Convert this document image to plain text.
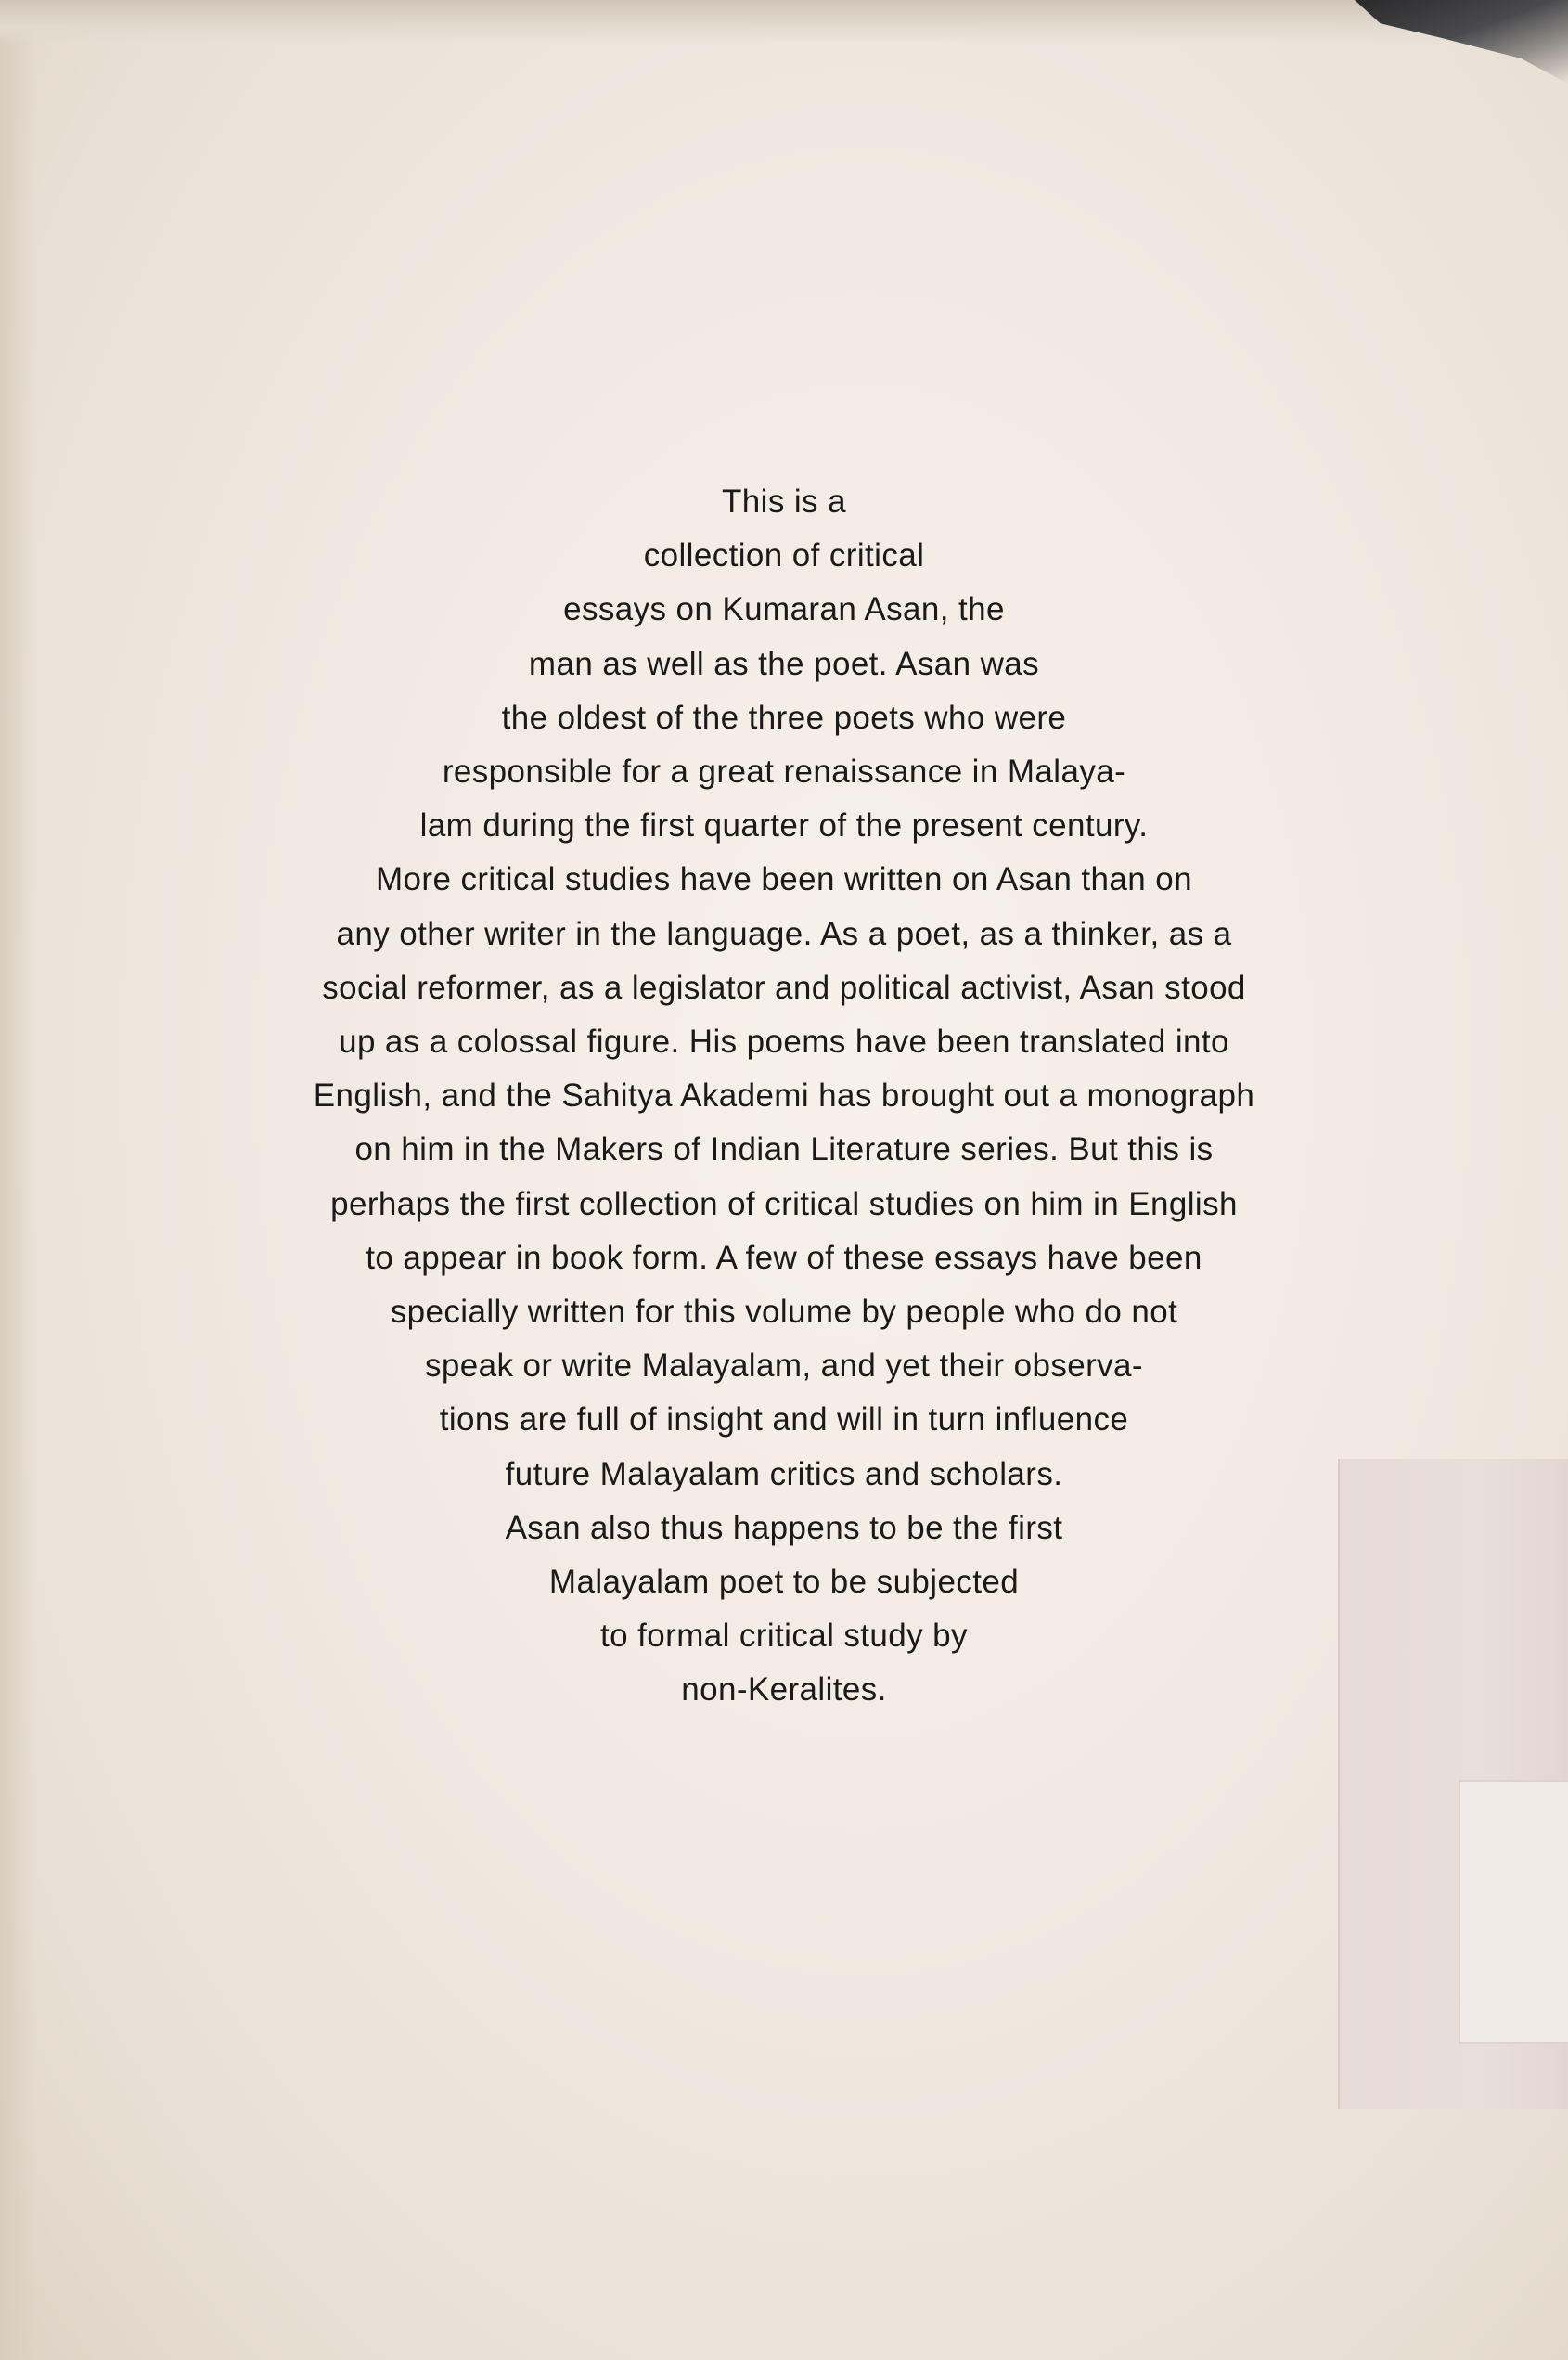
This is a
collection of critical
essays on Kumaran Asan, the
man as well as the poet. Asan was
the oldest of the three poets who were
responsible for a great renaissance in Malaya-
lam during the first quarter of the present century.
More critical studies have been written on Asan than on
any other writer in the language. As a poet, as a thinker, as a
social reformer, as a legislator and political activist, Asan stood
up as a colossal figure. His poems have been translated into
English, and the Sahitya Akademi has brought out a monograph
on him in the Makers of Indian Literature series. But this is
perhaps the first collection of critical studies on him in English
to appear in book form. A few of these essays have been
specially written for this volume by people who do not
speak or write Malayalam, and yet their observa-
tions are full of insight and will in turn influence
future Malayalam critics and scholars.
Asan also thus happens to be the first
Malayalam poet to be subjected
to formal critical study by
non-Keralites.
